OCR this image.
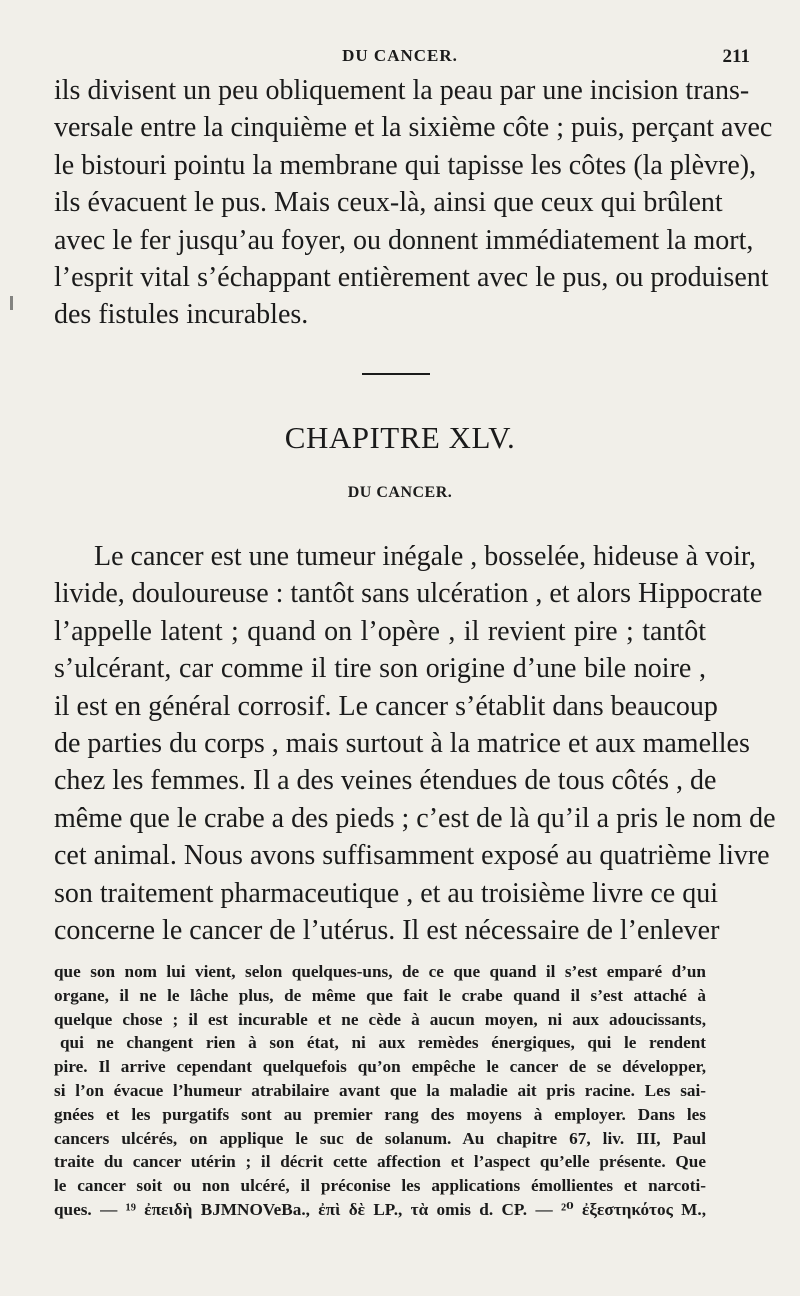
DU CANCER.	211
ils divisent un peu obliquement la peau par une incision trans-
versale entre la cinquième et la sixième côte ; puis, perçant avec
le bistouri pointu la membrane qui tapisse les côtes (la plèvre),
ils évacuent le pus. Mais ceux-là, ainsi que ceux qui brûlent
avec le fer jusqu’au foyer, ou donnent immédiatement la mort,
l’esprit vital s’échappant entièrement avec le pus, ou produisent
des fistules incurables.
CHAPITRE XLV.
DU CANCER.
Le cancer est une tumeur inégale , bosselée, hideuse à voir,
livide, douloureuse : tantôt sans ulcération , et alors Hippocrate
l’appelle latent ; quand on l’opère , il revient pire ; tantôt
s’ulcérant, car comme il tire son origine d’une bile noire ,
il est en général corrosif. Le cancer s’établit dans beaucoup
de parties du corps , mais surtout à la matrice et aux mamelles
chez les femmes. Il a des veines étendues de tous côtés , de
même que le crabe a des pieds ; c’est de là qu’il a pris le nom de
cet animal. Nous avons suffisamment exposé au quatrième livre
son traitement pharmaceutique , et au troisième livre ce qui
concerne le cancer de l’utérus. Il est nécessaire de l’enlever
que son nom lui vient, selon quelques-uns, de ce que quand il s’est emparé d’un
organe, il ne le lâche plus, de même que fait le crabe quand il s’est attaché à
quelque chose ; il est incurable et ne cède à aucun moyen, ni aux adoucissants,
qui ne changent rien à son état, ni aux remèdes énergiques, qui le rendent
pire. Il arrive cependant quelquefois qu’on empêche le cancer de se développer,
si l’on évacue l’humeur atrabilaire avant que la maladie ait pris racine. Les sai-
gnées et les purgatifs sont au premier rang des moyens à employer. Dans les
cancers ulcérés, on applique le suc de solanum. Au chapitre 67, liv. III, Paul
traite du cancer utérin ; il décrit cette affection et l’aspect qu’elle présente. Que
le cancer soit ou non ulcéré, il préconise les applications émollientes et narcoti-
ques. — ¹⁹ ἐπειδὴ BJMNOVeBa., ἐπὶ δὲ LP., τὰ omis d. CP. — ²⁰ ἐξεστηκότος M.,
